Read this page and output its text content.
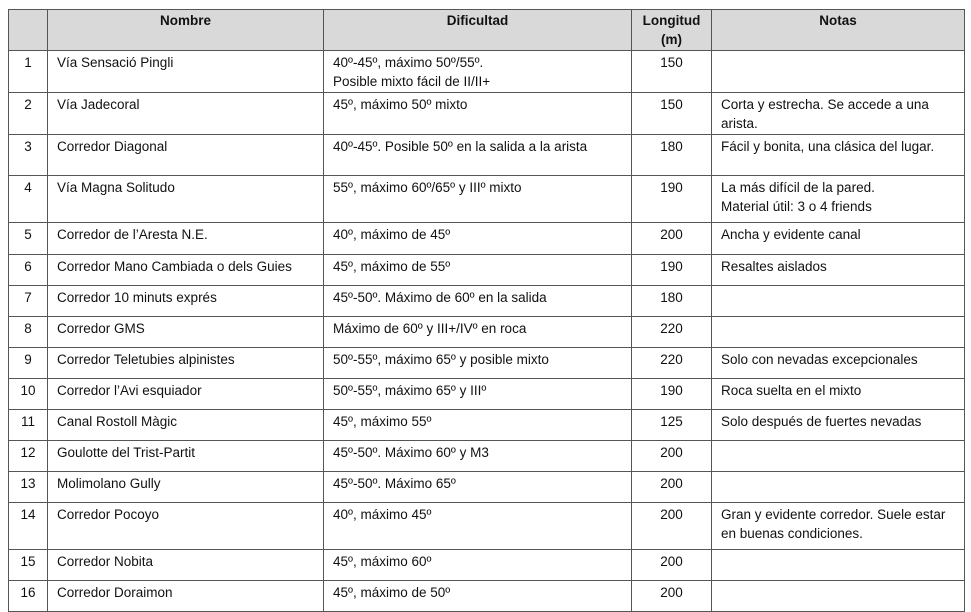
	Nombre	Dificultad	Longitud
(m)	Notas
1	Vía Sensació Pingli	40º-45º, máximo 50º/55º.
Posible mixto fácil de II/II+	150	
2	Vía Jadecoral	45º, máximo 50º mixto	150	Corta y estrecha. Se accede a una arista.
3	Corredor Diagonal	40º-45º. Posible 50º en la salida a la arista	180	Fácil y bonita, una clásica del lugar.
4	Vía Magna Solitudo	55º, máximo 60º/65º y IIIº mixto	190	La más difícil de la pared.
Material útil: 3 o 4 friends
5	Corredor de l’Aresta N.E.	40º, máximo de 45º	200	Ancha y evidente canal
6	Corredor Mano Cambiada o dels Guies	45º, máximo de 55º	190	Resaltes aislados
7	Corredor 10 minuts exprés	45º-50º. Máximo de 60º en la salida	180	
8	Corredor GMS	Máximo de 60º y III+/IVº en roca	220	
9	Corredor Teletubies alpinistes	50º-55º, máximo 65º y posible mixto	220	Solo con nevadas excepcionales
10	Corredor l’Avi esquiador	50º-55º, máximo 65º y IIIº	190	Roca suelta en el mixto
11	Canal Rostoll Màgic	45º, máximo 55º	125	Solo después de fuertes nevadas
12	Goulotte del Trist-Partit	45º-50º. Máximo 60º y M3	200	
13	Molimolano Gully	45º-50º. Máximo 65º	200	
14	Corredor Pocoyo	40º, máximo 45º	200	Gran y evidente corredor. Suele estar en buenas condiciones.
15	Corredor Nobita	45º, máximo 60º	200	
16	Corredor Doraimon	45º, máximo de 50º	200	
